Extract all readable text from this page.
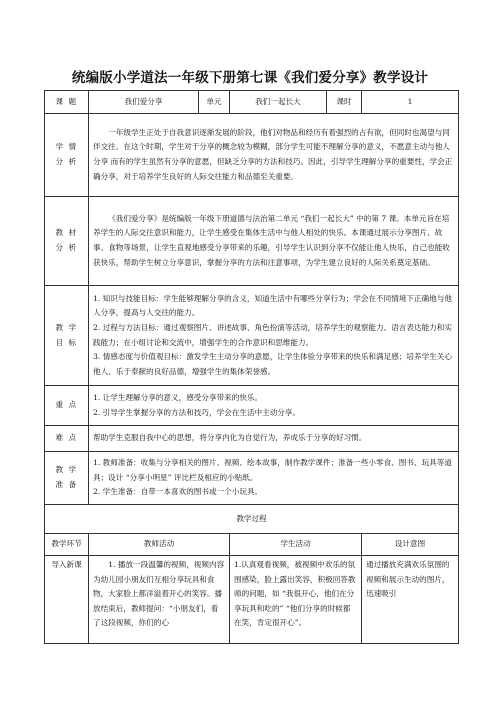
统编版小学道法一年级下册第七课《我们爱分享》教学设计
课 题	我们爱分享	单元	我们一起长大	课时	1
学 情 分 析	一年级学生正处于自我意识逐渐发展的阶段，他们对物品和经历有着强烈的占有欲，但同时也渴望与同伴交往。在这个时期，学生对于分享的概念较为模糊，部分学生可能不理解分享的意义，不愿意主动与他人分享 而有的学生虽然有分享的意愿，但缺乏分享的方法和技巧。因此，引导学生理解分享的重要性，学会正确分享，对于培养学生良好的人际交往能力和品德至关重要。				

教 材 分 析	《我们爱分享》是统编版一年级下册道德与法治第二单元 “我们一起长大” 中的第 7 课。本单元旨在培养学生的人际交往意识和能力，让学生感受在集体生活中与他人相处的快乐。本课通过展示分享图片、故事、食物等场景，让学生直观地感受分享带来的乐趣，引导学生认识到分享不仅能让他人快乐，自己也能收获快乐，帮助学生树立分享意识，掌握分享的方法和注意事项，为学生建立良好的人际关系奠定基础。				

教 学 目 标	1. 知识与技能目标：学生能够理解分享的含义，知道生活中有哪些分享行为；学会在不同情境下正确地与他人分享，提高与人交往的能力。

2. 过程与方法目标：通过观察图片、讲述故事、角色扮演等活动，培养学生的观察能力、语言表达能力和实践能力；在小组讨论和交流中，增强学生的合作意识和思维能力。

3. 情感态度与价值观目标：激发学生主动分享的意愿，让学生体验分享带来的快乐和满足感；培养学生关心他人、乐于奉献的良好品德，增强学生的集体荣誉感。				

重 点	1. 让学生理解分享的意义，感受分享带来的快乐。

2. 引导学生掌握分享的方法和技巧，学会在生活中主动分享。				

难 点	帮助学生克服自我中心的思想，将分享内化为自觉行为，养成乐于分享的好习惯。				

教 学 准 备	1. 教师准备：收集与分享相关的图片、视频、绘本故事，制作教学课件；准备一些小零食、图书、玩具等道具；设计 “分享小明星” 评比栏及相应的小贴纸。

2. 学生准备：自带一本喜欢的图书或一个小玩具。				

教学过程					
教学环节	教师活动		学生活动		设计意图
导入新课	1. 播放一段温馨的视频，视频内容为幼儿园小朋友们互相分享玩具和食物，大家脸上都洋溢着开心的笑容。播放结束后，教师提问：“小朋友们，看了这段视频，你们的心		1.认真观看视频，被视频中欢乐的氛围感染，脸上露出笑容，积极回答教师的问题，如 “我很开心，他们在分享玩具和吃的” “他们分享的时候都在笑，肯定很开心”。		通过播放充满欢乐氛围的视频和展示生动的图片，迅速吸引
